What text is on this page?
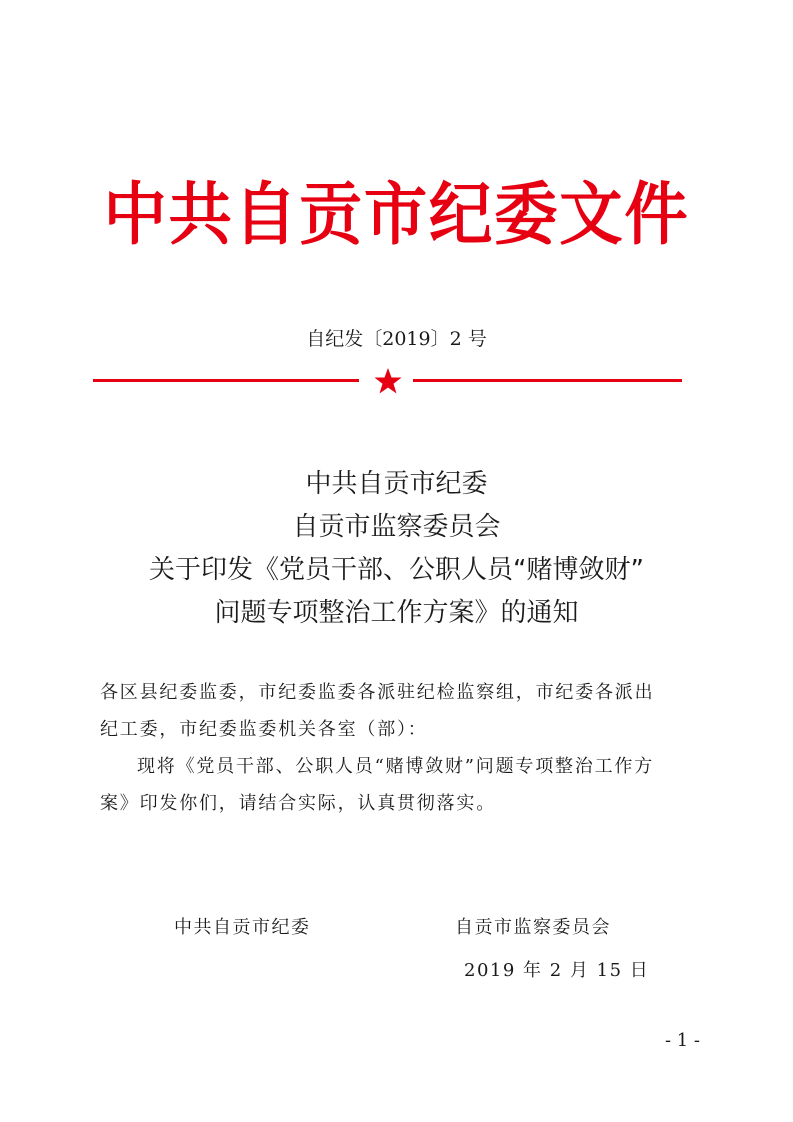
中共自贡市纪委文件
自纪发〔2019〕2 号
中共自贡市纪委
自贡市监察委员会
关于印发《党员干部、公职人员“赌博敛财”
问题专项整治工作方案》的通知

各区县纪委监委，市纪委监委各派驻纪检监察组，市纪委各派出

纪工委，市纪委监委机关各室（部）：

现将《党员干部、公职人员“赌博敛财”问题专项整治工作方

案》印发你们，请结合实际，认真贯彻落实。

中共自贡市纪委	自贡市监察委员会
2019 年 2 月 15 日
- 1 -
